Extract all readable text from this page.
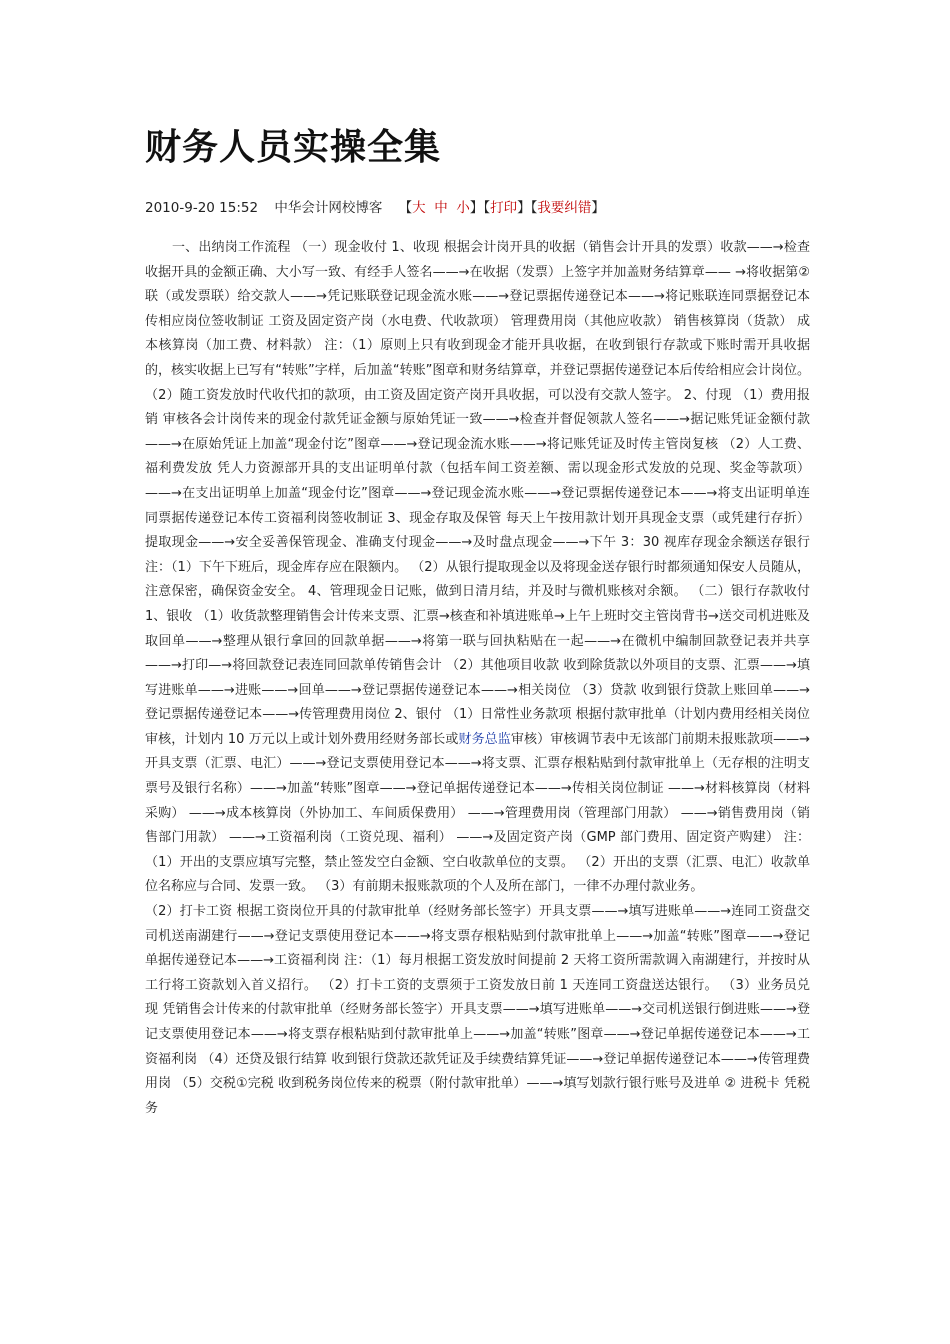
财务人员实操全集
2010-9-20 15:52 中华会计网校博客 【大 中 小】【打印】【我要纠错】

一、出纳岗工作流程 （一）现金收付 1、收现 根据会计岗开具的收据（销售会计开具的发票）收款——→检查收据开具的金额正确、大小写一致、有经手人签名——→在收据（发票）上签字并加盖财务结算章—— →将收据第②联（或发票联）给交款人——→凭记账联登记现金流水账——→登记票据传递登记本——→将记账联连同票据登记本传相应岗位签收制证 工资及固定资产岗（水电费、代收款项） 管理费用岗（其他应收款） 销售核算岗（货款） 成本核算岗（加工费、材料款） 注：（1）原则上只有收到现金才能开具收据，在收到银行存款或下账时需开具收据的，核实收据上已写有“转账”字样，后加盖“转账”图章和财务结算章，并登记票据传递登记本后传给相应会计岗位。 （2）随工资发放时代收代扣的款项，由工资及固定资产岗开具收据，可以没有交款人签字。 2、付现 （1）费用报销 审核各会计岗传来的现金付款凭证金额与原始凭证一致——→检查并督促领款人签名——→据记账凭证金额付款——→在原始凭证上加盖“现金付讫”图章——→登记现金流水账——→将记账凭证及时传主管岗复核 （2）人工费、福利费发放 凭人力资源部开具的支出证明单付款（包括车间工资差额、需以现金形式发放的兑现、奖金等款项）——→在支出证明单上加盖“现金付讫”图章——→登记现金流水账——→登记票据传递登记本——→将支出证明单连同票据传递登记本传工资福利岗签收制证 3、现金存取及保管 每天上午按用款计划开具现金支票（或凭建行存折）提取现金——→安全妥善保管现金、准确支付现金——→及时盘点现金——→下午 3：30 视库存现金余额送存银行 注：（1）下午下班后，现金库存应在限额内。 （2）从银行提取现金以及将现金送存银行时都须通知保安人员随从，注意保密，确保资金安全。 4、管理现金日记账，做到日清月结，并及时与微机账核对余额。 （二）银行存款收付 1、银收 （1）收货款整理销售会计传来支票、汇票→核查和补填进账单→上午上班时交主管岗背书→送交司机进账及取回单——→整理从银行拿回的回款单据——→将第一联与回执粘贴在一起——→在微机中编制回款登记表并共享——→打印—→将回款登记表连同回款单传销售会计 （2）其他项目收款 收到除货款以外项目的支票、汇票——→填写进账单——→进账——→回单——→登记票据传递登记本——→相关岗位 （3）贷款 收到银行贷款上账回单——→登记票据传递登记本——→传管理费用岗位 2、银付 （1）日常性业务款项 根据付款审批单（计划内费用经相关岗位审核，计划内 10 万元以上或计划外费用经财务部长或财务总监审核）审核调节表中无该部门前期未报账款项——→开具支票（汇票、电汇）——→登记支票使用登记本——→将支票、汇票存根粘贴到付款审批单上（无存根的注明支票号及银行名称）——→加盖“转账”图章——→登记单据传递登记本——→传相关岗位制证 ——→材料核算岗（材料采购） ——→成本核算岗（外协加工、车间质保费用） ——→管理费用岗（管理部门用款） ——→销售费用岗（销售部门用款） ——→工资福利岗（工资兑现、福利） ——→及固定资产岗（GMP 部门费用、固定资产购建） 注：（1）开出的支票应填写完整，禁止签发空白金额、空白收款单位的支票。 （2）开出的支票（汇票、电汇）收款单位名称应与合同、发票一致。 （3）有前期未报账款项的个人及所在部门，一律不办理付款业务。

（2）打卡工资 根据工资岗位开具的付款审批单（经财务部长签字）开具支票——→填写进账单——→连同工资盘交司机送南湖建行——→登记支票使用登记本——→将支票存根粘贴到付款审批单上——→加盖“转账”图章——→登记单据传递登记本——→工资福利岗 注：（1）每月根据工资发放时间提前 2 天将工资所需款调入南湖建行，并按时从工行将工资款划入首义招行。 （2）打卡工资的支票须于工资发放日前 1 天连同工资盘送达银行。 （3）业务员兑现 凭销售会计传来的付款审批单（经财务部长签字）开具支票——→填写进账单——→交司机送银行倒进账——→登记支票使用登记本——→将支票存根粘贴到付款审批单上——→加盖“转账”图章——→登记单据传递登记本——→工资福利岗 （4）还贷及银行结算 收到银行贷款还款凭证及手续费结算凭证——→登记单据传递登记本——→传管理费用岗 （5）交税①完税 收到税务岗位传来的税票（附付款审批单）——→填写划款行银行账号及进单 ② 进税卡 凭税务
